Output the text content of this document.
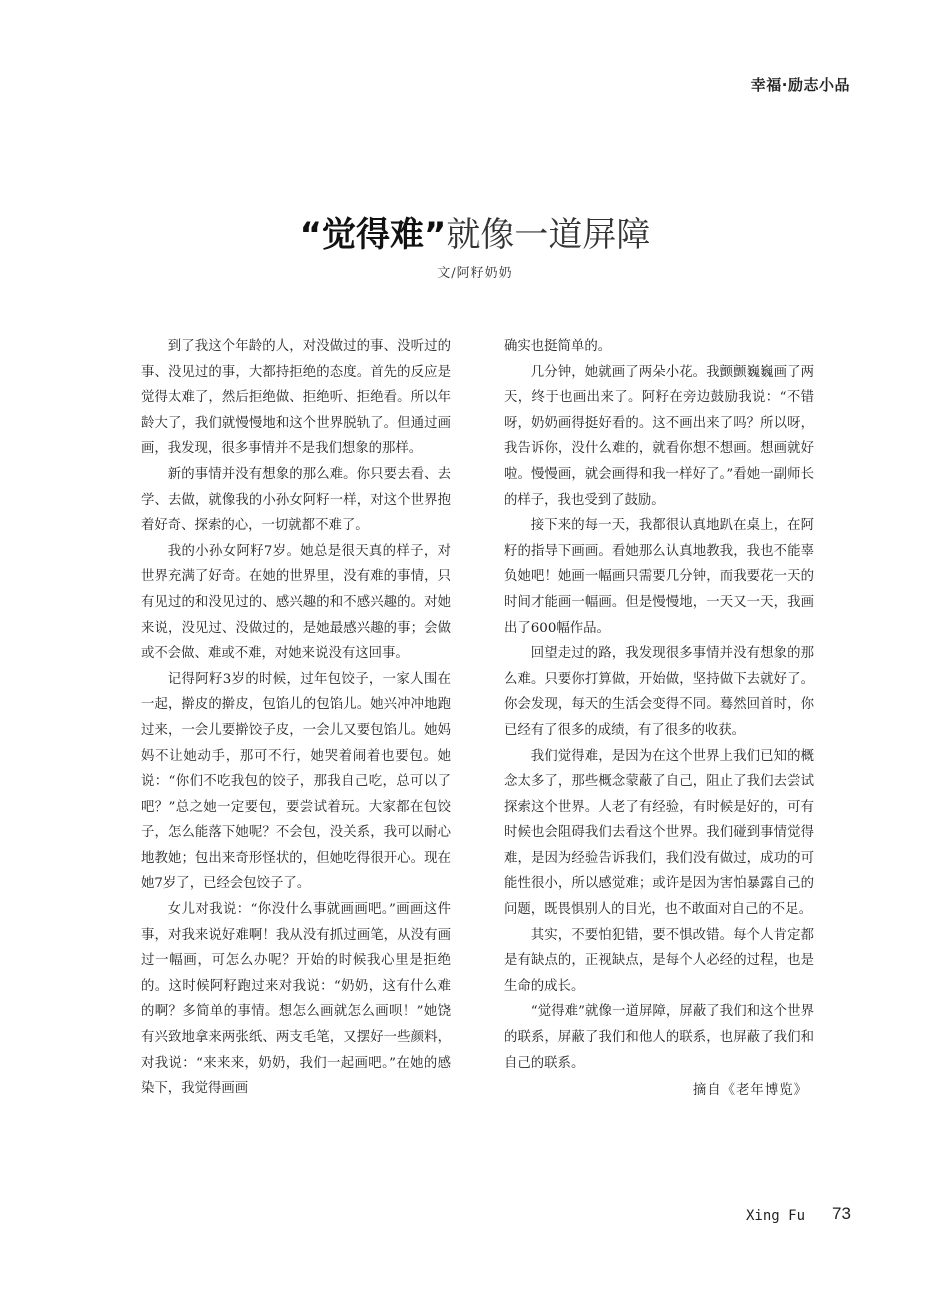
幸福·励志小品
“觉得难”就像一道屏障
文/阿籽奶奶

到了我这个年龄的人，对没做过的事、没听过的事、没见过的事，大都持拒绝的态度。首先的反应是觉得太难了，然后拒绝做、拒绝听、拒绝看。所以年龄大了，我们就慢慢地和这个世界脱轨了。但通过画画，我发现，很多事情并不是我们想象的那样。

新的事情并没有想象的那么难。你只要去看、去学、去做，就像我的小孙女阿籽一样，对这个世界抱着好奇、探索的心，一切就都不难了。

我的小孙女阿籽7岁。她总是很天真的样子，对世界充满了好奇。在她的世界里，没有难的事情，只有见过的和没见过的、感兴趣的和不感兴趣的。对她来说，没见过、没做过的，是她最感兴趣的事；会做或不会做、难或不难，对她来说没有这回事。

记得阿籽3岁的时候，过年包饺子，一家人围在一起，擀皮的擀皮，包馅儿的包馅儿。她兴冲冲地跑过来，一会儿要擀饺子皮，一会儿又要包馅儿。她妈妈不让她动手，那可不行，她哭着闹着也要包。她说：“你们不吃我包的饺子，那我自己吃，总可以了吧？”总之她一定要包，要尝试着玩。大家都在包饺子，怎么能落下她呢？不会包，没关系，我可以耐心地教她；包出来奇形怪状的，但她吃得很开心。现在她7岁了，已经会包饺子了。

女儿对我说：“你没什么事就画画吧。”画画这件事，对我来说好难啊！我从没有抓过画笔，从没有画过一幅画，可怎么办呢？开始的时候我心里是拒绝的。这时候阿籽跑过来对我说：“奶奶，这有什么难的啊？多简单的事情。想怎么画就怎么画呗！”她饶有兴致地拿来两张纸、两支毛笔，又摆好一些颜料，对我说：“来来来，奶奶，我们一起画吧。”在她的感染下，我觉得画画

确实也挺简单的。

几分钟，她就画了两朵小花。我颤颤巍巍画了两天，终于也画出来了。阿籽在旁边鼓励我说：“不错呀，奶奶画得挺好看的。这不画出来了吗？所以呀，我告诉你，没什么难的，就看你想不想画。想画就好啦。慢慢画，就会画得和我一样好了。”看她一副师长的样子，我也受到了鼓励。

接下来的每一天，我都很认真地趴在桌上，在阿籽的指导下画画。看她那么认真地教我，我也不能辜负她吧！她画一幅画只需要几分钟，而我要花一天的时间才能画一幅画。但是慢慢地，一天又一天，我画出了600幅作品。

回望走过的路，我发现很多事情并没有想象的那么难。只要你打算做，开始做，坚持做下去就好了。你会发现，每天的生活会变得不同。蓦然回首时，你已经有了很多的成绩，有了很多的收获。

我们觉得难，是因为在这个世界上我们已知的概念太多了，那些概念蒙蔽了自己，阻止了我们去尝试探索这个世界。人老了有经验，有时候是好的，可有时候也会阻碍我们去看这个世界。我们碰到事情觉得难，是因为经验告诉我们，我们没有做过，成功的可能性很小，所以感觉难；或许是因为害怕暴露自己的问题，既畏惧别人的目光，也不敢面对自己的不足。

其实，不要怕犯错，要不惧改错。每个人肯定都是有缺点的，正视缺点，是每个人必经的过程，也是生命的成长。

“觉得难”就像一道屏障，屏蔽了我们和这个世界的联系，屏蔽了我们和他人的联系，也屏蔽了我们和自己的联系。

摘自《老年博览》
Xing Fu 73
